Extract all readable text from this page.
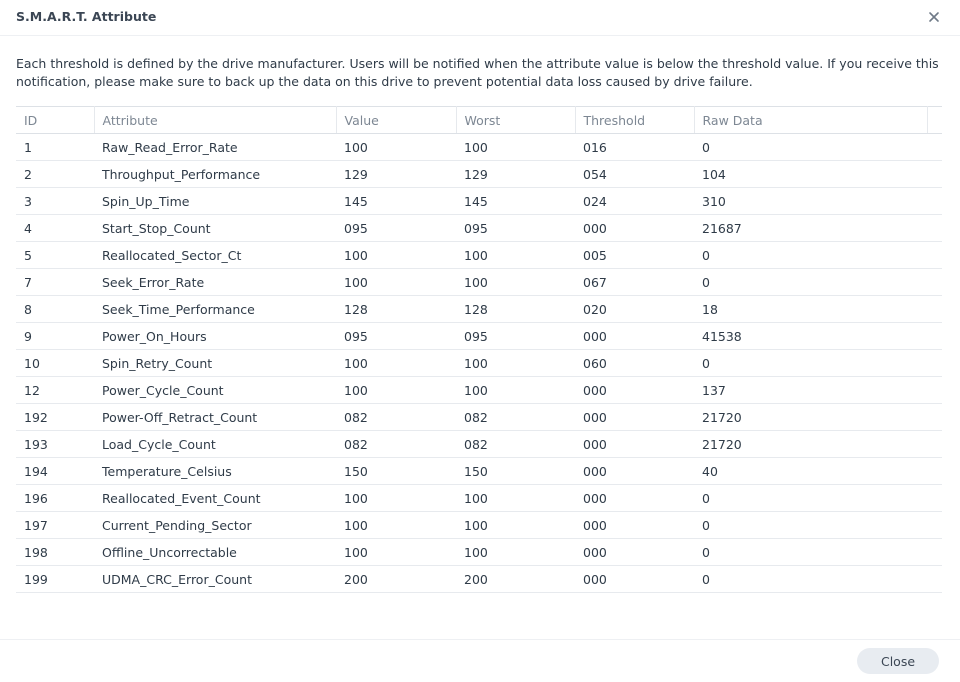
S.M.A.R.T. Attribute
Each threshold is defined by the drive manufacturer. Users will be notified when the attribute value is below the threshold value. If you receive this notification, please make sure to back up the data on this drive to prevent potential data loss caused by drive failure.
ID	Attribute	Value	Worst	Threshold	Raw Data	
1	Raw_Read_Error_Rate	100	100	016	0	
2	Throughput_Performance	129	129	054	104	
3	Spin_Up_Time	145	145	024	310	
4	Start_Stop_Count	095	095	000	21687	
5	Reallocated_Sector_Ct	100	100	005	0	
7	Seek_Error_Rate	100	100	067	0	
8	Seek_Time_Performance	128	128	020	18	
9	Power_On_Hours	095	095	000	41538	
10	Spin_Retry_Count	100	100	060	0	
12	Power_Cycle_Count	100	100	000	137	
192	Power-Off_Retract_Count	082	082	000	21720	
193	Load_Cycle_Count	082	082	000	21720	
194	Temperature_Celsius	150	150	000	40	
196	Reallocated_Event_Count	100	100	000	0	
197	Current_Pending_Sector	100	100	000	0	
198	Offline_Uncorrectable	100	100	000	0	
199	UDMA_CRC_Error_Count	200	200	000	0	
Close
